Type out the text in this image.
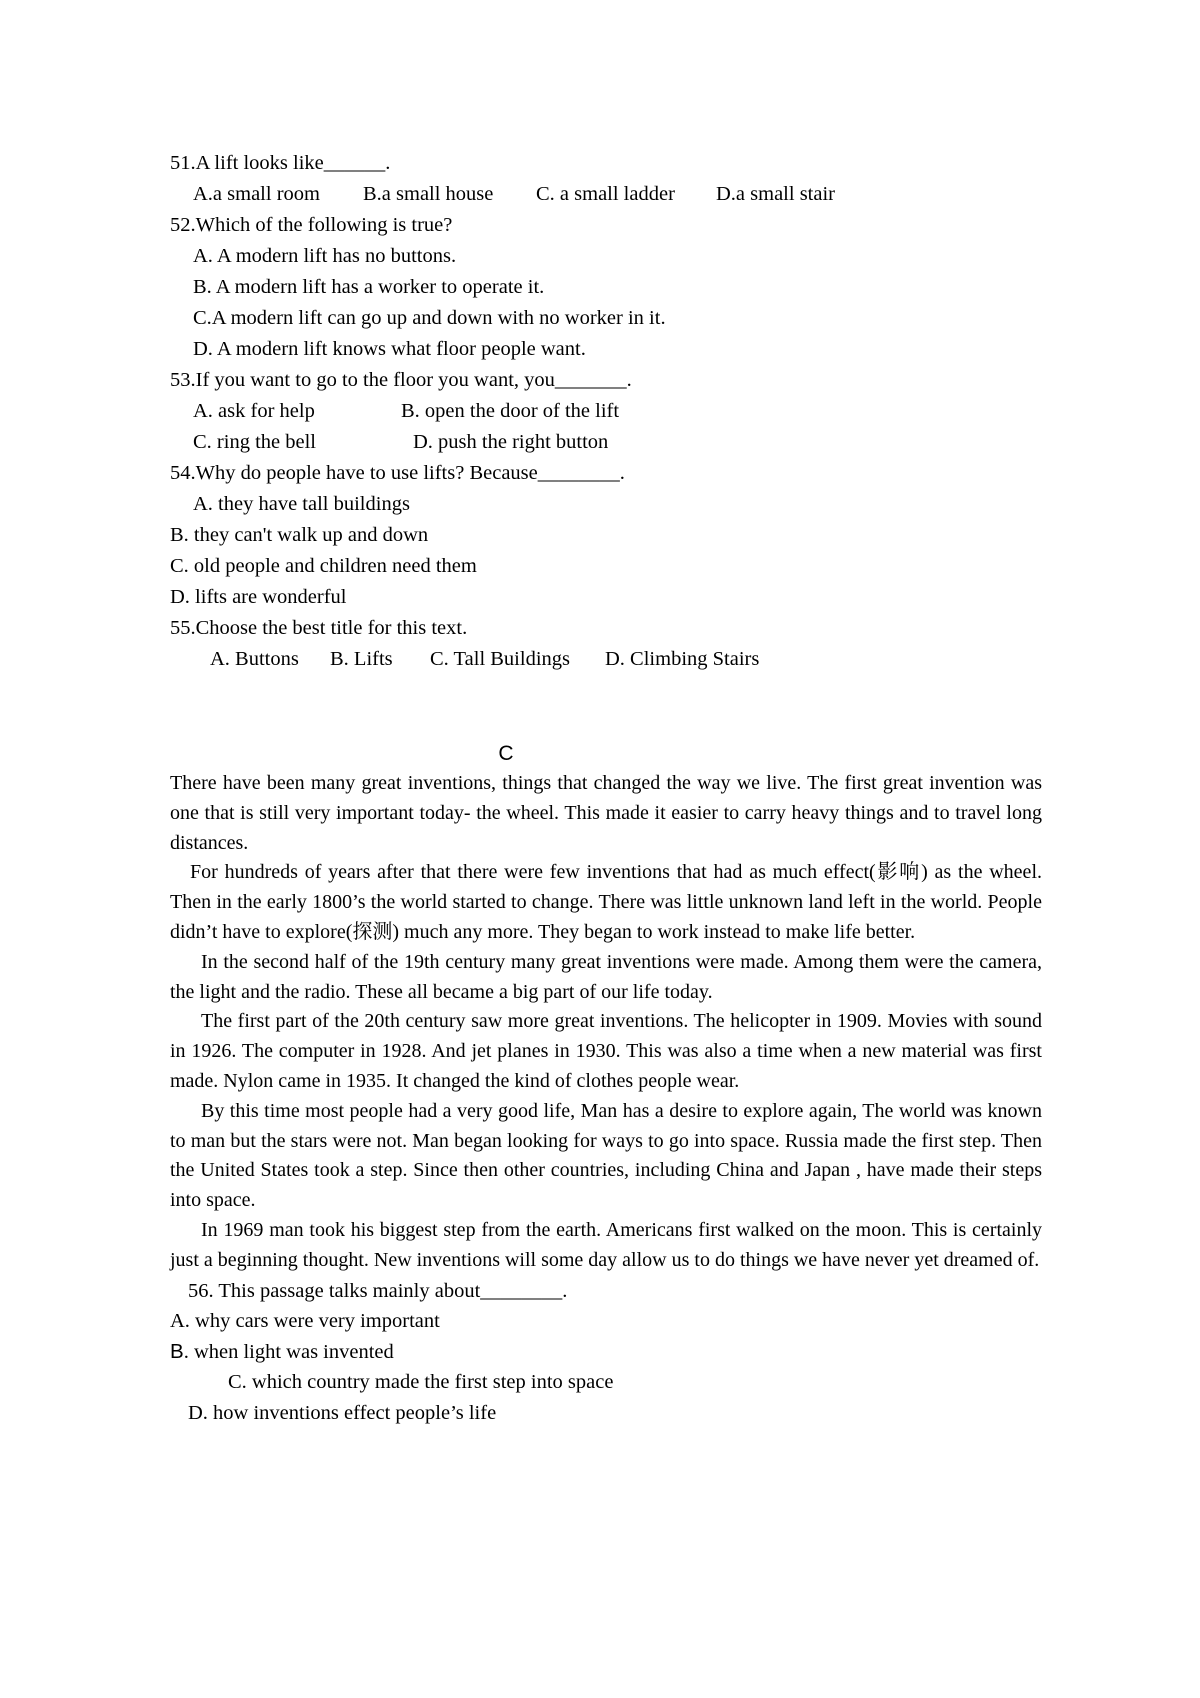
51.A lift looks like______.
A.a small room	B.a small house	C. a small ladder	D.a small stair
52.Which of the following is true?
A. A modern lift has no buttons.
B. A modern lift has a worker to operate it.
C.A modern lift can go up and down with no worker in it.
D. A modern lift knows what floor people want.
53.If you want to go to the floor you want, you_______.
A. ask for help	B. open the door of the lift
C. ring the bell	D. push the right button
54.Why do people have to use lifts? Because________.
A. they have tall buildings
B. they can't walk up and down
C. old people and children need them
D. lifts are wonderful
55.Choose the best title for this text.
A. Buttons	B. Lifts	C. Tall Buildings	D. Climbing Stairs
C

There have been many great inventions, things that changed the way we live. The first great invention was one that is still very important today- the wheel. This made it easier to carry heavy things and to travel long distances.

For hundreds of years after that there were few inventions that had as much effect(影响) as the wheel. Then in the early 1800’s the world started to change. There was little unknown land left in the world. People didn’t have to explore(探测) much any more. They began to work instead to make life better.

In the second half of the 19th century many great inventions were made. Among them were the camera, the light and the radio. These all became a big part of our life today.

The first part of the 20th century saw more great inventions. The helicopter in 1909. Movies with sound in 1926. The computer in 1928. And jet planes in 1930. This was also a time when a new material was first made. Nylon came in 1935. It changed the kind of clothes people wear.

By this time most people had a very good life, Man has a desire to explore again, The world was known to man but the stars were not. Man began looking for ways to go into space. Russia made the first step. Then the United States took a step. Since then other countries, including China and Japan , have made their steps into space.

In 1969 man took his biggest step from the earth. Americans first walked on the moon. This is certainly just a beginning thought. New inventions will some day allow us to do things we have never yet dreamed of.

56. This passage talks mainly about________.
A. why cars were very important
B. when light was invented
C. which country made the first step into space
D. how inventions effect people’s life
